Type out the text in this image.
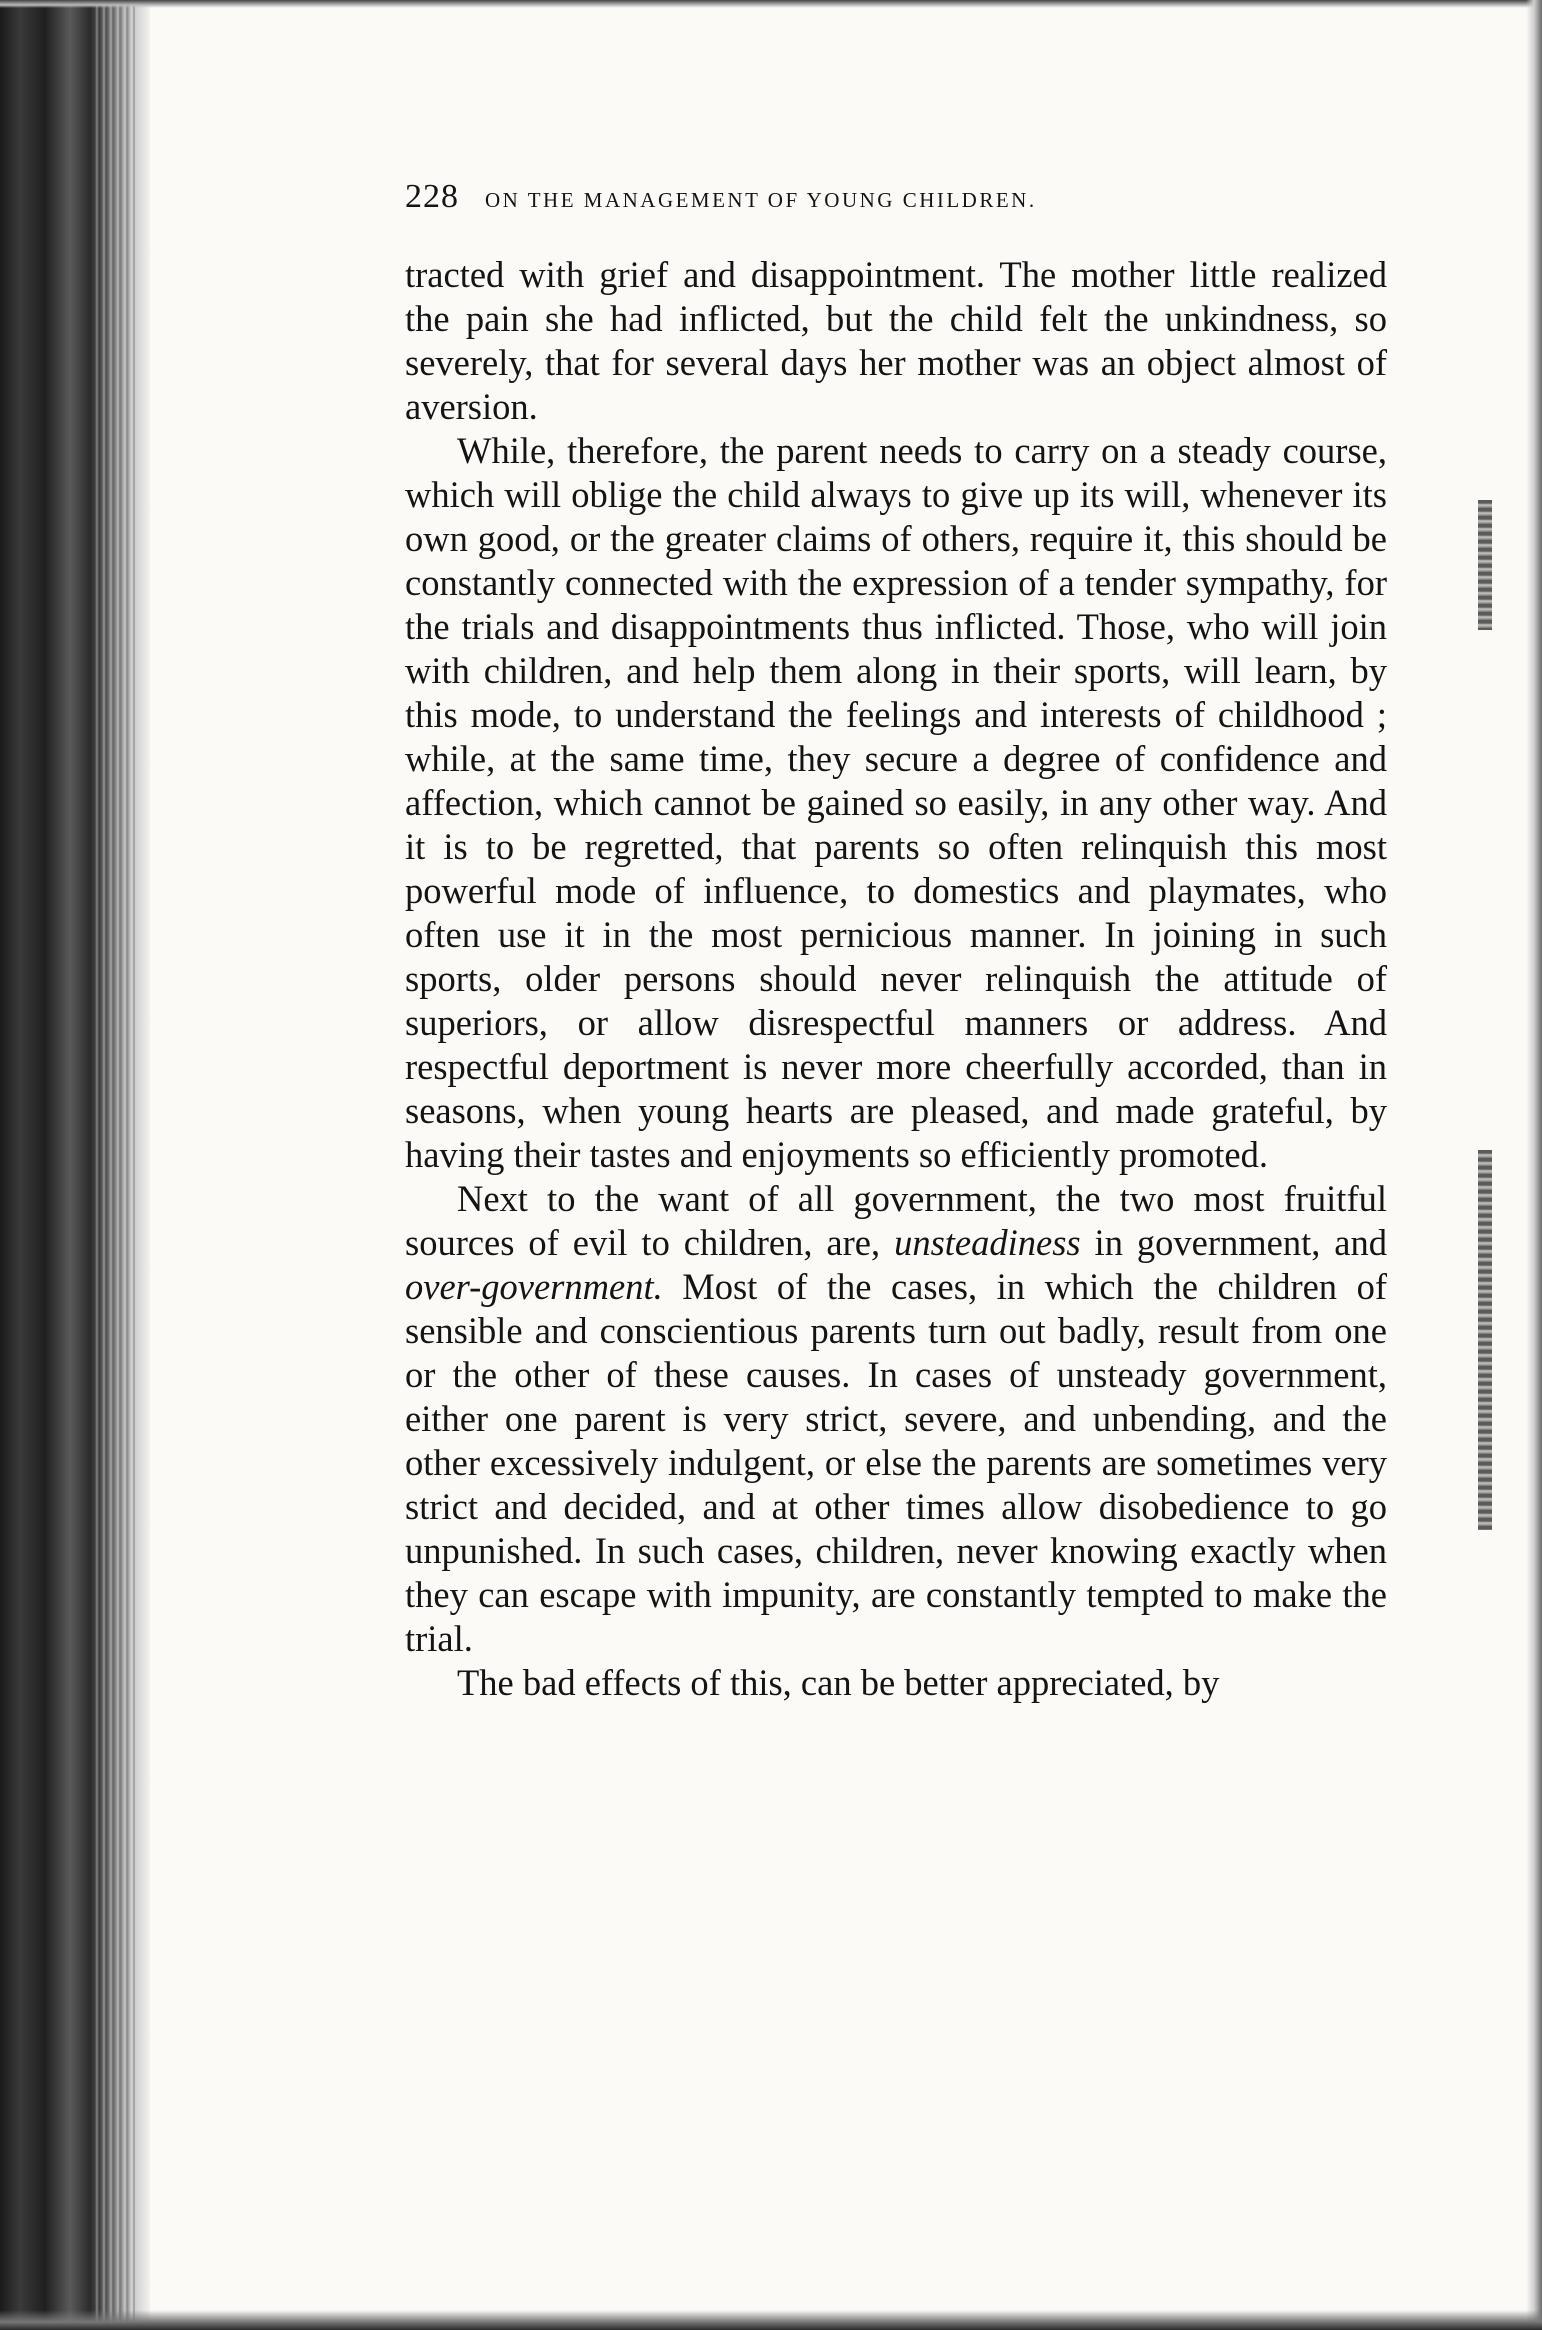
228 ON THE MANAGEMENT OF YOUNG CHILDREN.

tracted with grief and disappointment. The mother little realized the pain she had inflicted, but the child felt the unkindness, so severely, that for several days her mother was an object almost of aversion.

While, therefore, the parent needs to carry on a steady course, which will oblige the child always to give up its will, whenever its own good, or the greater claims of others, require it, this should be constantly connected with the expression of a tender sympathy, for the trials and disappointments thus inflicted. Those, who will join with children, and help them along in their sports, will learn, by this mode, to understand the feelings and interests of childhood ; while, at the same time, they secure a degree of confidence and affection, which cannot be gained so easily, in any other way. And it is to be regretted, that parents so often relinquish this most powerful mode of influence, to domestics and playmates, who often use it in the most pernicious manner. In joining in such sports, older persons should never relinquish the attitude of superiors, or allow disrespectful manners or address. And respectful deportment is never more cheerfully accorded, than in seasons, when young hearts are pleased, and made grateful, by having their tastes and enjoyments so efficiently promoted.

Next to the want of all government, the two most fruitful sources of evil to children, are, unsteadiness in government, and over-government. Most of the cases, in which the children of sensible and conscientious parents turn out badly, result from one or the other of these causes. In cases of unsteady government, either one parent is very strict, severe, and unbending, and the other excessively indulgent, or else the parents are sometimes very strict and decided, and at other times allow disobedience to go unpunished. In such cases, children, never knowing exactly when they can escape with impunity, are constantly tempted to make the trial.

The bad effects of this, can be better appreciated, by
